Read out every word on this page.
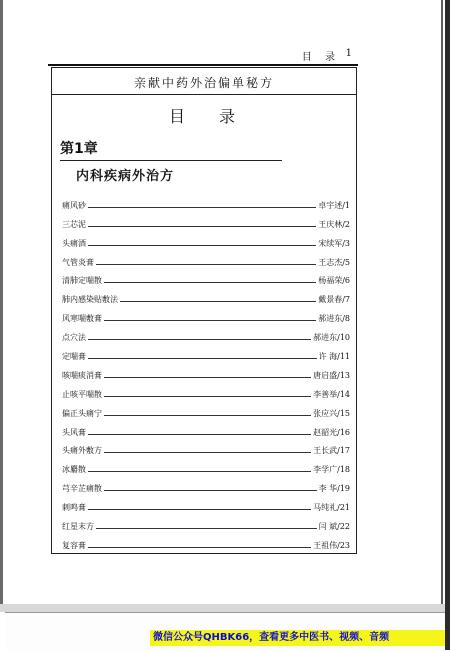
目 录 1
亲献中药外治偏单秘方
目录
第1章
内科疾病外治方
痛风砂	卓宇述/1
三芯泥	王庆林/2
头痛酒	宋续军/3
气管炎膏	王志杰/5
清肺定喘散	杨福荣/6
肺内感染贴敷法	戴景春/7
风寒喘敷膏	郝进东/8
点穴法	郝进东/10
定喘膏	许 海/11
咳喘痰消膏	唐启盛/13
止咳平喘散	李善举/14
偏正头痛宁	张应兴/15
头风膏	赵韶光/16
头痛外敷方	王长武/17
冰麝散	李学广/18
芎辛芷痛散	李 华/19
刺鸣膏	马纯礼/21
红星末方	闫 斌/22
复容膏	王祖伟/23
微信公众号QHBK66，查看更多中医书、视频、音频
